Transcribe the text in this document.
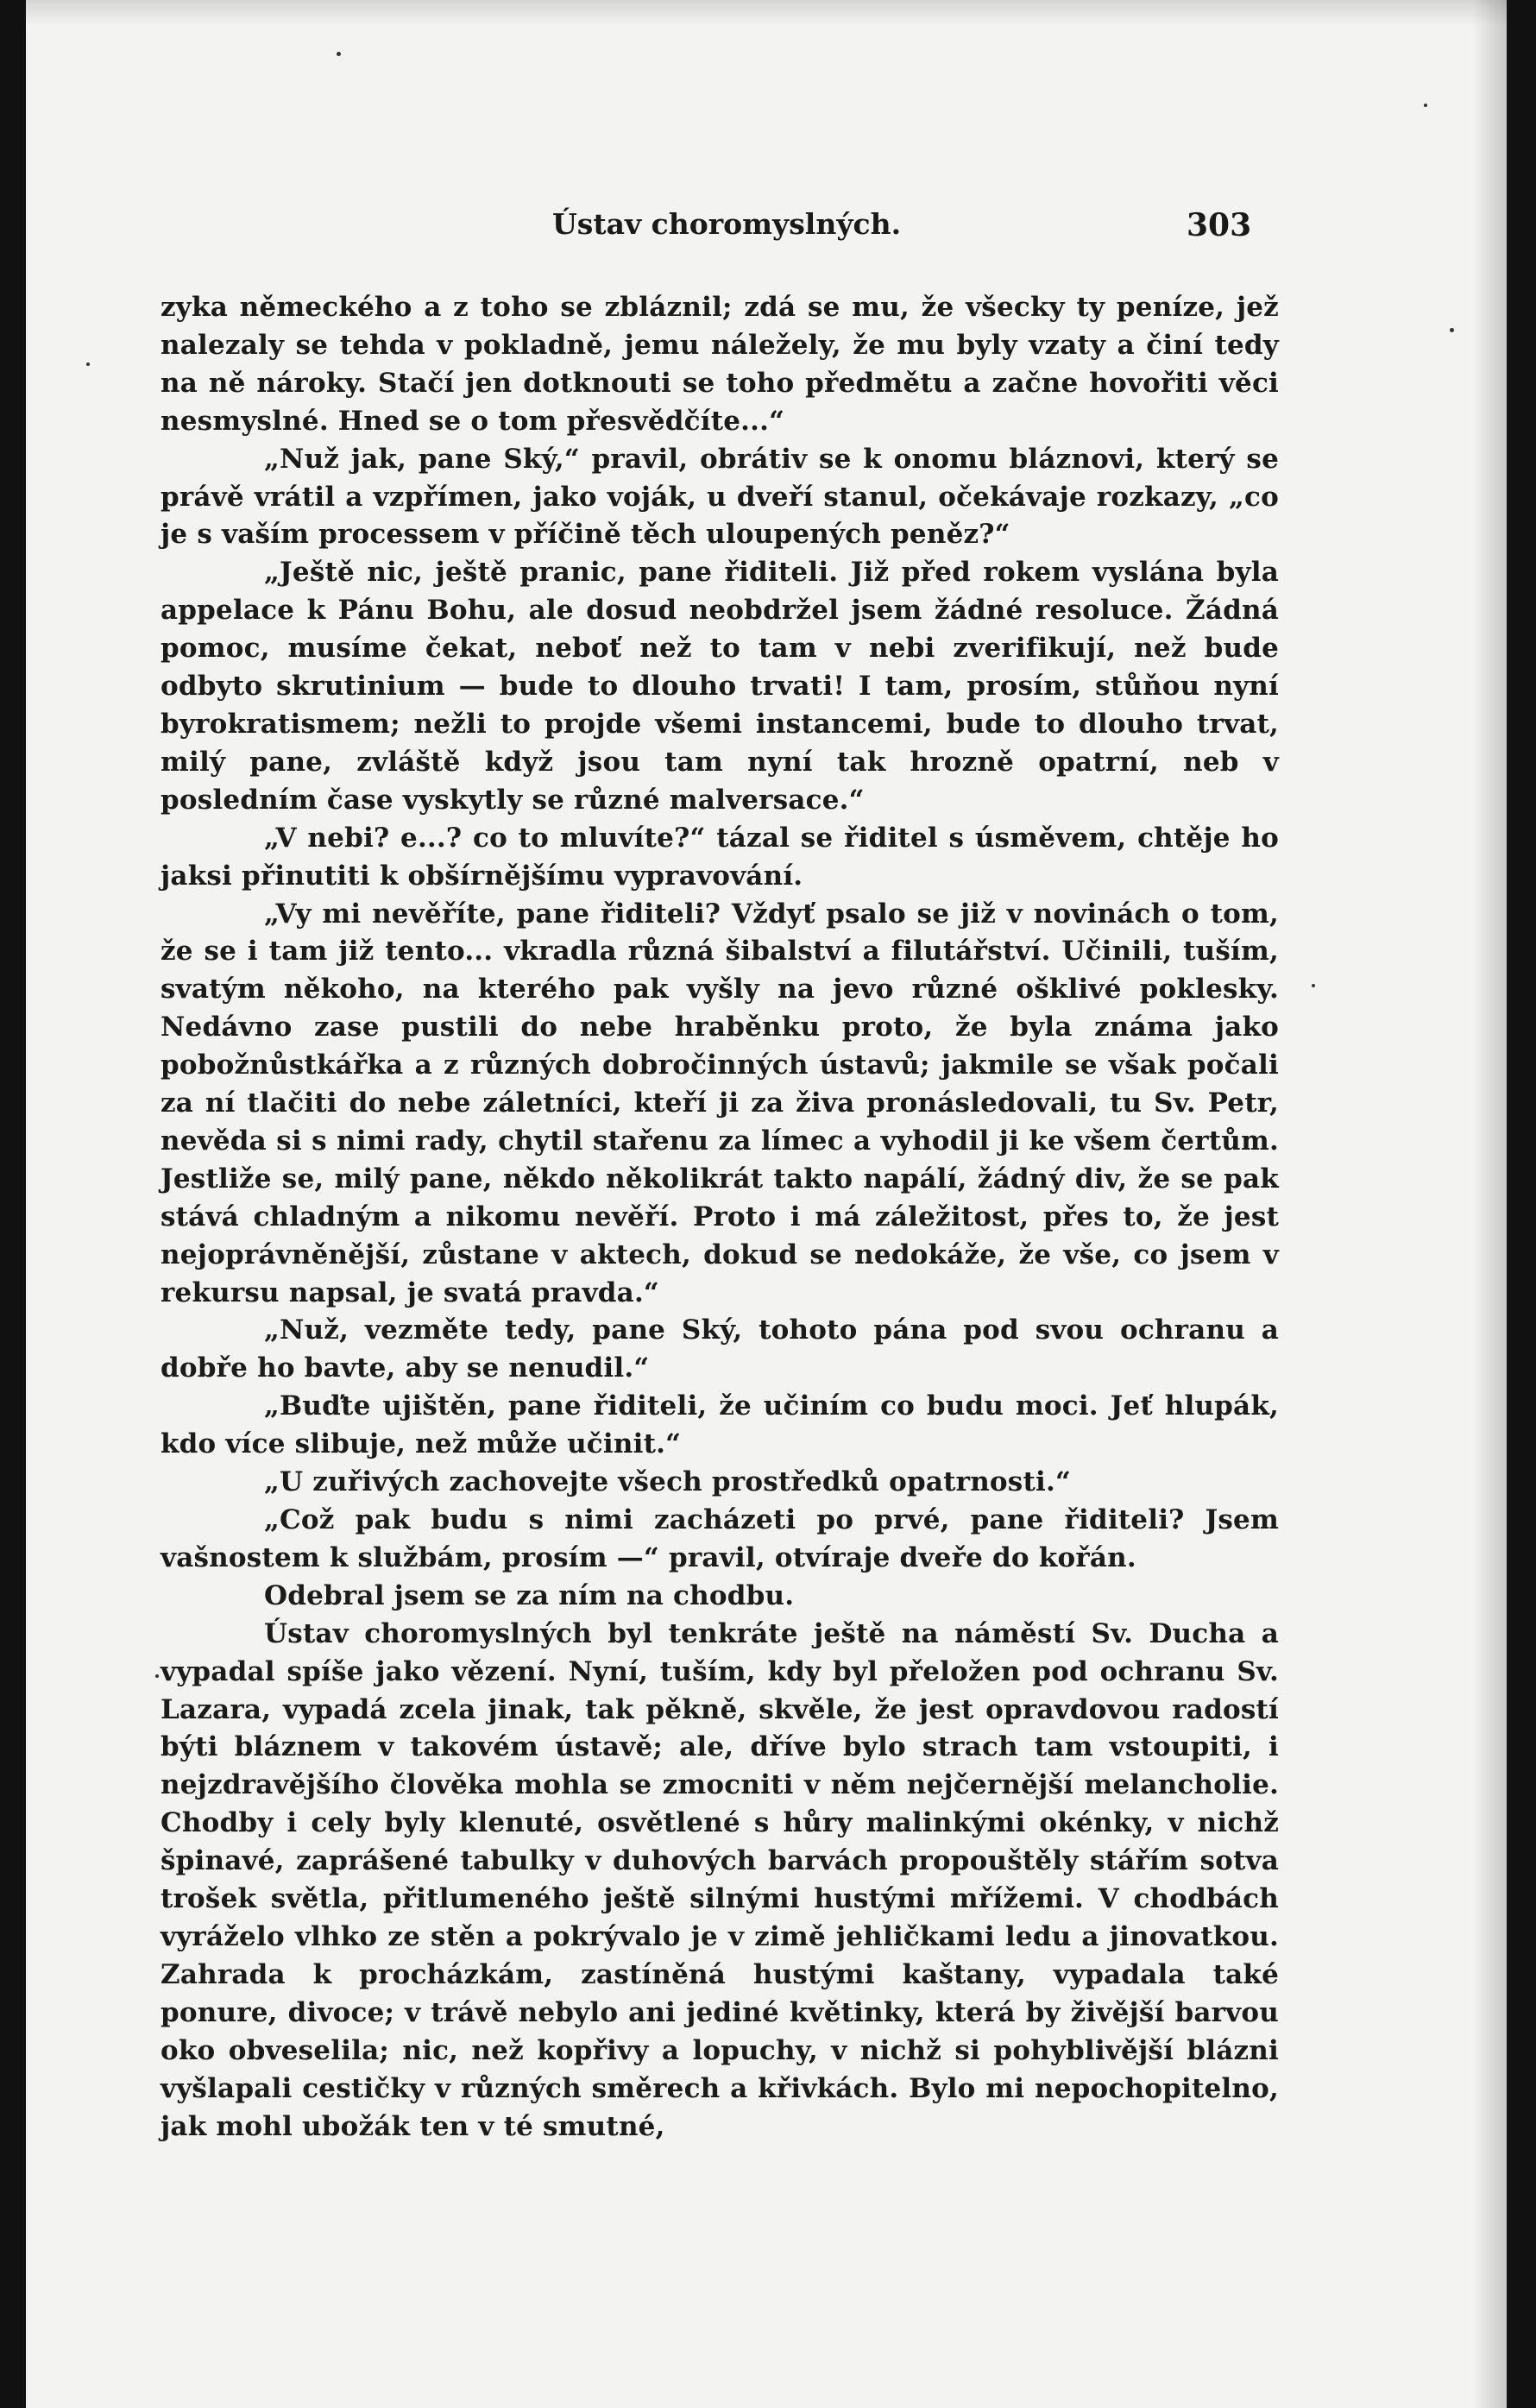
Ústav choromyslných.	303

zyka německého a z toho se zbláznil; zdá se mu, že všecky ty peníze, jež nalezaly se tehda v pokladně, jemu náležely, že mu byly vzaty a činí tedy na ně nároky. Stačí jen dotknouti se toho předmětu a začne hovořiti věci nesmyslné. Hned se o tom přesvědčíte...“

„Nuž jak, pane Ský,“ pravil, obrátiv se k onomu bláznovi, který se právě vrátil a vzpřímen, jako voják, u dveří stanul, očekávaje rozkazy, „co je s vaším processem v příčině těch uloupených peněz?“

„Ještě nic, ještě pranic, pane řiditeli. Již před rokem vyslána byla appelace k Pánu Bohu, ale dosud neobdržel jsem žádné resoluce. Žádná pomoc, musíme čekat, neboť než to tam v nebi zverifikují, než bude odbyto skrutinium — bude to dlouho trvati! I tam, prosím, stůňou nyní byrokratismem; nežli to projde všemi instancemi, bude to dlouho trvat, milý pane, zvláště když jsou tam nyní tak hrozně opatrní, neb v posledním čase vyskytly se různé malversace.“

„V nebi? e...? co to mluvíte?“ tázal se řiditel s úsměvem, chtěje ho jaksi přinutiti k obšírnějšímu vypravování.

„Vy mi nevěříte, pane řiditeli? Vždyť psalo se již v novinách o tom, že se i tam již tento... vkradla různá šibalství a filutářství. Učinili, tuším, svatým někoho, na kterého pak vyšly na jevo různé ošklivé poklesky. Nedávno zase pustili do nebe hraběnku proto, že byla známa jako pobožnůstkářka a z různých dobročinných ústavů; jakmile se však počali za ní tlačiti do nebe záletníci, kteří ji za živa pronásledovali, tu Sv. Petr, nevěda si s nimi rady, chytil stařenu za límec a vyhodil ji ke všem čertům. Jestliže se, milý pane, někdo několikrát takto napálí, žádný div, že se pak stává chladným a nikomu nevěří. Proto i má záležitost, přes to, že jest nejoprávněnější, zůstane v aktech, dokud se nedokáže, že vše, co jsem v rekursu napsal, je svatá pravda.“

„Nuž, vezměte tedy, pane Ský, tohoto pána pod svou ochranu a dobře ho bavte, aby se nenudil.“

„Buďte ujištěn, pane řiditeli, že učiním co budu moci. Jeť hlupák, kdo více slibuje, než může učinit.“

„U zuřivých zachovejte všech prostředků opatrnosti.“

„Což pak budu s nimi zacházeti po prvé, pane řiditeli? Jsem vašnostem k službám, prosím —“ pravil, otvíraje dveře do kořán.

Odebral jsem se za ním na chodbu.

Ústav choromyslných byl tenkráte ještě na náměstí Sv. Ducha a vypadal spíše jako vězení. Nyní, tuším, kdy byl přeložen pod ochranu Sv. Lazara, vypadá zcela jinak, tak pěkně, skvěle, že jest opravdovou radostí býti bláznem v takovém ústavě; ale, dříve bylo strach tam vstoupiti, i nejzdravějšího člověka mohla se zmocniti v něm nejčernější melancholie. Chodby i cely byly klenuté, osvětlené s hůry malinkými okénky, v nichž špinavé, zaprášené tabulky v duhových barvách propouštěly stářím sotva trošek světla, přitlumeného ještě silnými hustými mřížemi. V chodbách vyráželo vlhko ze stěn a pokrývalo je v zimě jehličkami ledu a jinovatkou. Zahrada k procházkám, zastíněná hustými kaštany, vypadala také ponure, divoce; v trávě nebylo ani jediné květinky, která by živější barvou oko obveselila; nic, než kopřivy a lopuchy, v nichž si pohyblivější blázni vyšlapali cestičky v různých směrech a křivkách. Bylo mi nepochopitelno, jak mohl ubožák ten v té smutné,
